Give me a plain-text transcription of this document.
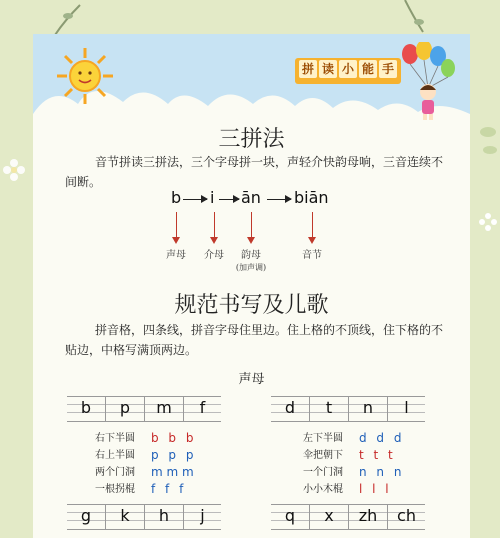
拼 读 小 能 手
三拼法

音节拼读三拼法，三个字母拼一块，声轻介快韵母响，三音连续不间断。

b i ān biān
声母	介母	韵母
(加声调)
音节
规范书写及儿歌

拼音格，四条线，拼音字母住里边。住上格的不顶线，住下格的不贴边，中格写满顶两边。

声母
b	p	m	f	d	t	n	l
右下半圆 b b b
右上半圆 p p p
两个门洞 m m m
一根拐棍 f f f
左下半圆 d d d
伞把朝下 t t t
一个门洞 n n n
小小木棍 l l l
g	k	h	j	q	x	zh	ch
